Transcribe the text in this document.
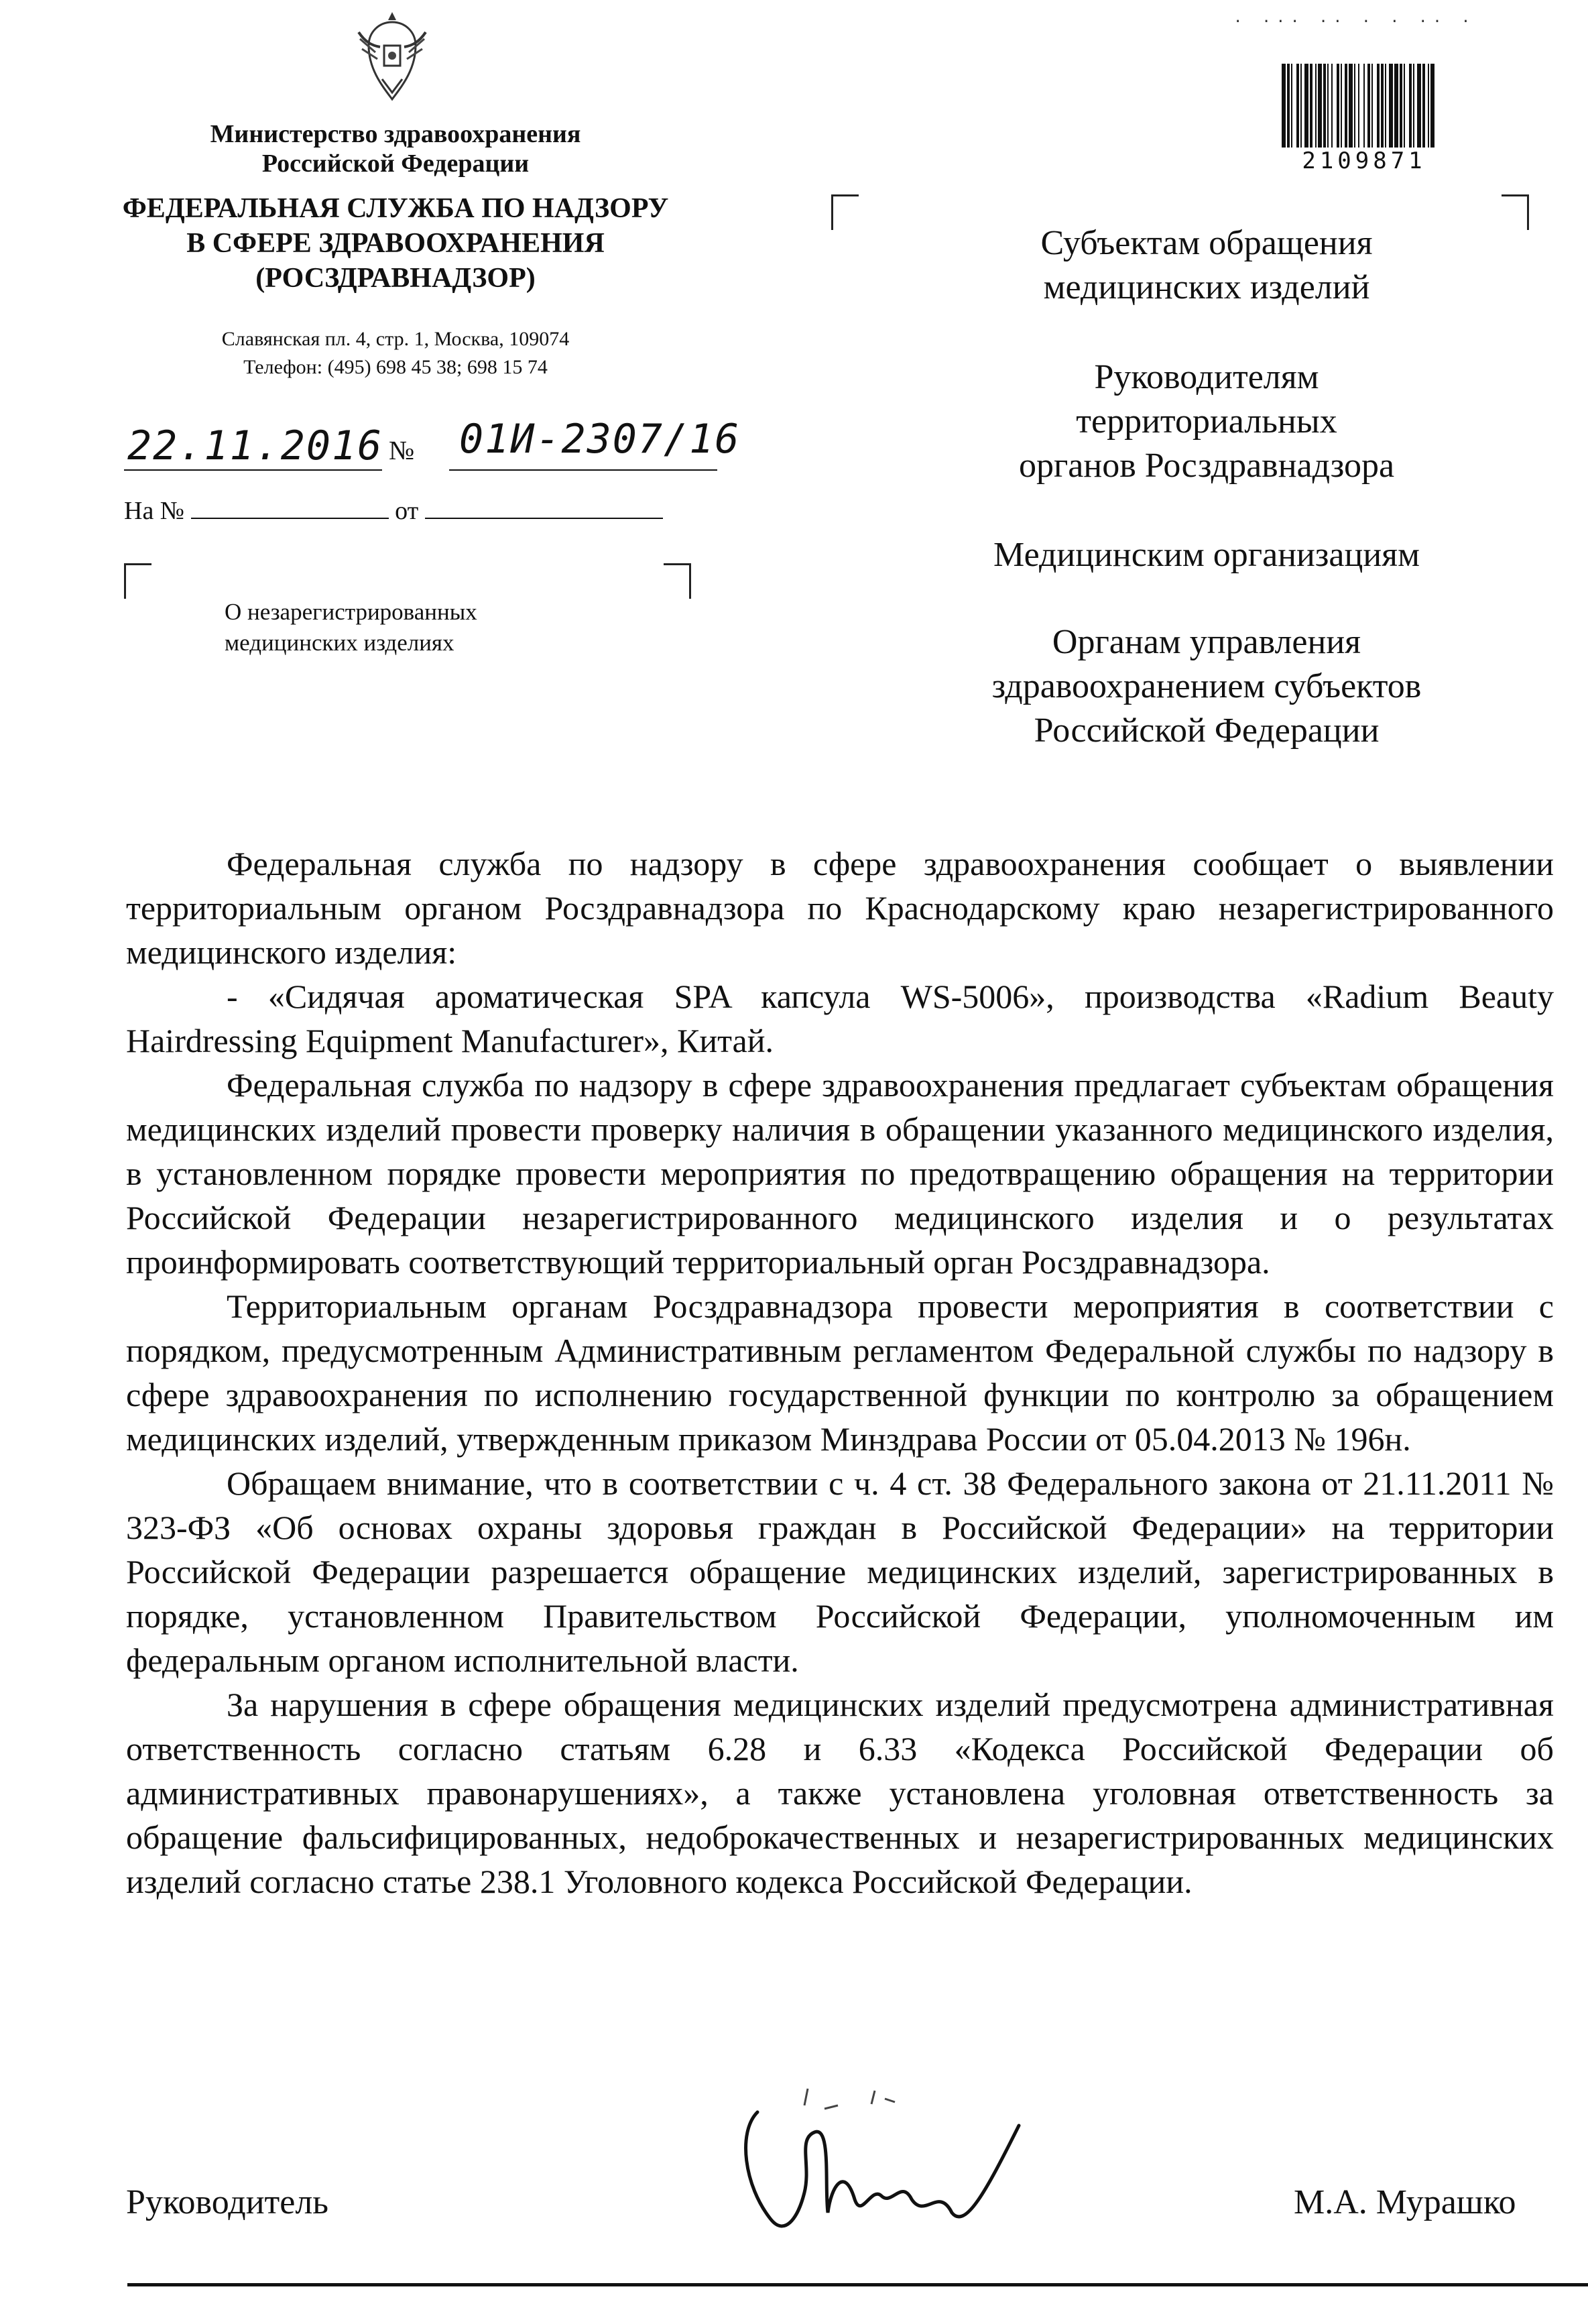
Министерство здравоохранения
Российской Федерации
ФЕДЕРАЛЬНАЯ СЛУЖБА ПО НАДЗОРУ
В СФЕРЕ ЗДРАВООХРАНЕНИЯ
(РОСЗДРАВНАДЗОР)
Славянская пл. 4, стр. 1, Москва, 109074
Телефон: (495) 698 45 38; 698 15 74
22.11.2016 № 01И-2307/16
На №	от
О незарегистрированных
медицинских изделиях
· ··· ·· · · ·· ·
2109871
Субъектам обращения
медицинских изделий
Руководителям
территориальных
органов Росздравнадзора
Медицинским организациям
Органам управления
здравоохранением субъектов
Российской Федерации

Федеральная служба по надзору в сфере здравоохранения сообщает о выявлении территориальным органом Росздравнадзора по Краснодарскому краю незарегистрированного медицинского изделия:

- «Сидячая ароматическая SPA капсула WS-5006», производства «Radium Beauty Hairdressing Equipment Manufacturer», Китай.

Федеральная служба по надзору в сфере здравоохранения предлагает субъектам обращения медицинских изделий провести проверку наличия в обращении указанного медицинского изделия, в установленном порядке провести мероприятия по предотвращению обращения на территории Российской Федерации незарегистрированного медицинского изделия и о результатах проинформировать соответствующий территориальный орган Росздравнадзора.

Территориальным органам Росздравнадзора провести мероприятия в соответствии с порядком, предусмотренным Административным регламентом Федеральной службы по надзору в сфере здравоохранения по исполнению государственной функции по контролю за обращением медицинских изделий, утвержденным приказом Минздрава России от 05.04.2013 № 196н.

Обращаем внимание, что в соответствии с ч. 4 ст. 38 Федерального закона от 21.11.2011 № 323-ФЗ «Об основах охраны здоровья граждан в Российской Федерации» на территории Российской Федерации разрешается обращение медицинских изделий, зарегистрированных в порядке, установленном Правительством Российской Федерации, уполномоченным им федеральным органом исполнительной власти.

За нарушения в сфере обращения медицинских изделий предусмотрена административная ответственность согласно статьям 6.28 и 6.33 «Кодекса Российской Федерации об административных правонарушениях», а также установлена уголовная ответственность за обращение фальсифицированных, недоброкачественных и незарегистрированных медицинских изделий согласно статье 238.1 Уголовного кодекса Российской Федерации.

Руководитель	М.А. Мурашко
